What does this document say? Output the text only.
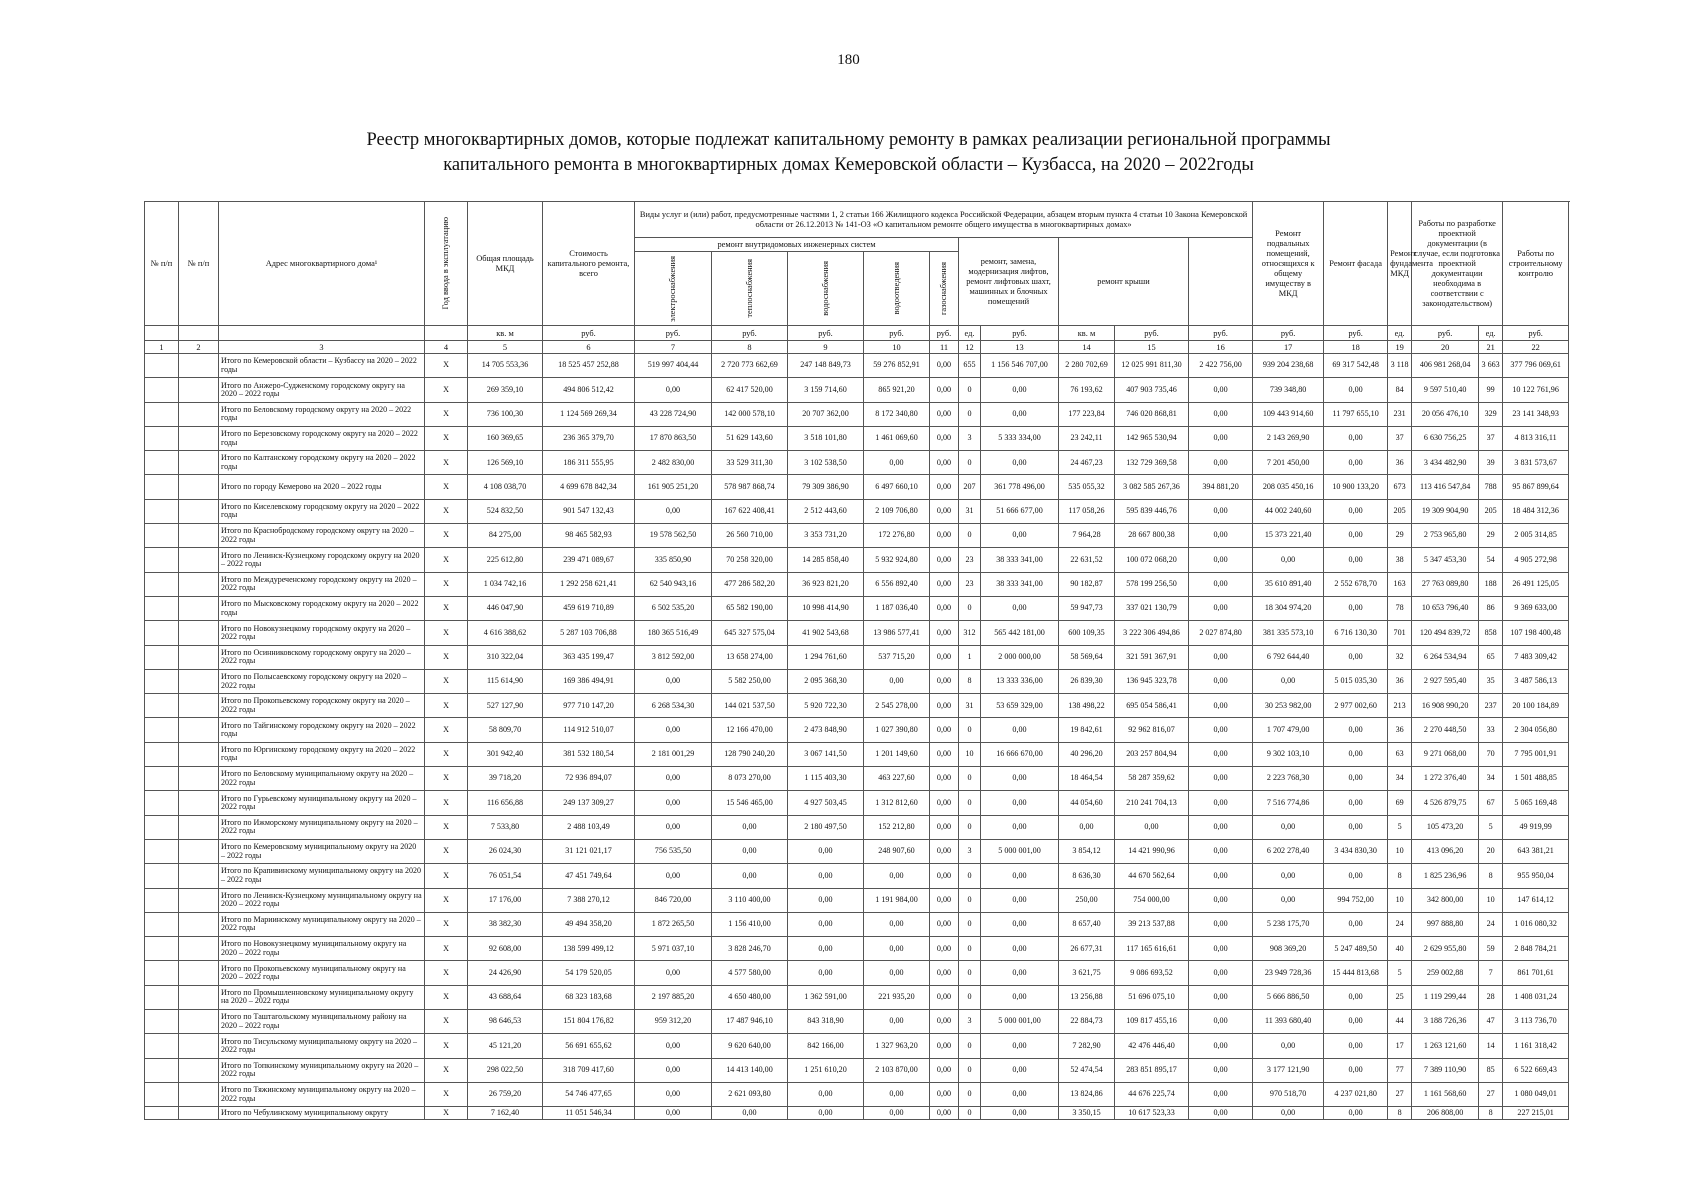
180
Реестр многоквартирных домов, которые подлежат капитальному ремонту в рамках реализации региональной программы
капитального ремонта в многоквартирных домах Кемеровской области – Кузбасса, на 2020 – 2022годы
№ п/п	№ п/п	Адрес многоквартирного дома¹	Год ввода в эксплуатацию	Общая площадь МКД	Стоимость капитального ремонта, всего	Виды услуг и (или) работ, предусмотренные частями 1, 2 статьи 166 Жилищного кодекса Российской Федерации, абзацем вторым пункта 4 статьи 10 Закона Кемеровской области от 26.12.2013 № 141-ОЗ «О капитальном ремонте общего имущества в многоквартирных домах»										Ремонт подвальных помещений, относящихся к общему имуществу в МКД	Ремонт фасада	Ремонт фундамента МКД	Работы по разработке проектной документации (в случае, если подготовка проектной документации необходима в соответствии с законодательством)		Работы по строительному контролю
						ремонт внутридомовых инженерных систем					ремонт, замена, модернизация лифтов, ремонт лифтовых шахт, машинных и блочных помещений		ремонт крыши								

						электроснабжения	теплоснабжения	водоснабжения	водоотведения	газоснабжения											

				кв. м	руб.	руб.	руб.	руб.	руб.	руб.	ед.	руб.	кв. м	руб.	руб.	руб.	руб.	ед.	руб.	ед.	руб.
1	2	3	4	5	6	7	8	9	10	11	12	13	14	15	16	17	18	19	20	21	22
		Итого по Кемеровской области – Кузбассу на 2020 – 2022 годы	X	14 705 553,36	18 525 457 252,88	519 997 404,44	2 720 773 662,69	247 148 849,73	59 276 852,91	0,00	655	1 156 546 707,00	2 280 702,69	12 025 991 811,30	2 422 756,00	939 204 238,68	69 317 542,48	3 118	406 981 268,04	3 663	377 796 069,61
		Итого по Анжеро-Судженскому городскому округу на 2020 – 2022 годы	X	269 359,10	494 806 512,42	0,00	62 417 520,00	3 159 714,60	865 921,20	0,00	0	0,00	76 193,62	407 903 735,46	0,00	739 348,80	0,00	84	9 597 510,40	99	10 122 761,96
		Итого по Беловскому городскому округу на 2020 – 2022 годы	X	736 100,30	1 124 569 269,34	43 228 724,90	142 000 578,10	20 707 362,00	8 172 340,80	0,00	0	0,00	177 223,84	746 020 868,81	0,00	109 443 914,60	11 797 655,10	231	20 056 476,10	329	23 141 348,93
		Итого по Березовскому городскому округу на 2020 – 2022 годы	X	160 369,65	236 365 379,70	17 870 863,50	51 629 143,60	3 518 101,80	1 461 069,60	0,00	3	5 333 334,00	23 242,11	142 965 530,94	0,00	2 143 269,90	0,00	37	6 630 756,25	37	4 813 316,11
		Итого по Калтанскому городскому округу на 2020 – 2022 годы	X	126 569,10	186 311 555,95	2 482 830,00	33 529 311,30	3 102 538,50	0,00	0,00	0	0,00	24 467,23	132 729 369,58	0,00	7 201 450,00	0,00	36	3 434 482,90	39	3 831 573,67
		Итого по городу Кемерово на 2020 – 2022 годы	X	4 108 038,70	4 699 678 842,34	161 905 251,20	578 987 868,74	79 309 386,90	6 497 660,10	0,00	207	361 778 496,00	535 055,32	3 082 585 267,36	394 881,20	208 035 450,16	10 900 133,20	673	113 416 547,84	788	95 867 899,64
		Итого по Киселевскому городскому округу на 2020 – 2022 годы	X	524 832,50	901 547 132,43	0,00	167 622 408,41	2 512 443,60	2 109 706,80	0,00	31	51 666 677,00	117 058,26	595 839 446,76	0,00	44 002 240,60	0,00	205	19 309 904,90	205	18 484 312,36
		Итого по Краснобродскому городскому округу на 2020 – 2022 годы	X	84 275,00	98 465 582,93	19 578 562,50	26 560 710,00	3 353 731,20	172 276,80	0,00	0	0,00	7 964,28	28 667 800,38	0,00	15 373 221,40	0,00	29	2 753 965,80	29	2 005 314,85
		Итого по Ленинск-Кузнецкому городскому округу на 2020 – 2022 годы	X	225 612,80	239 471 089,67	335 850,90	70 258 320,00	14 285 858,40	5 932 924,80	0,00	23	38 333 341,00	22 631,52	100 072 068,20	0,00	0,00	0,00	38	5 347 453,30	54	4 905 272,98
		Итого по Междуреченскому городскому округу на 2020 – 2022 годы	X	1 034 742,16	1 292 258 621,41	62 540 943,16	477 286 582,20	36 923 821,20	6 556 892,40	0,00	23	38 333 341,00	90 182,87	578 199 256,50	0,00	35 610 891,40	2 552 678,70	163	27 763 089,80	188	26 491 125,05
		Итого по Мысковскому городскому округу на 2020 – 2022 годы	X	446 047,90	459 619 710,89	6 502 535,20	65 582 190,00	10 998 414,90	1 187 036,40	0,00	0	0,00	59 947,73	337 021 130,79	0,00	18 304 974,20	0,00	78	10 653 796,40	86	9 369 633,00
		Итого по Новокузнецкому городскому округу на 2020 – 2022 годы	X	4 616 388,62	5 287 103 706,88	180 365 516,49	645 327 575,04	41 902 543,68	13 986 577,41	0,00	312	565 442 181,00	600 109,35	3 222 306 494,86	2 027 874,80	381 335 573,10	6 716 130,30	701	120 494 839,72	858	107 198 400,48
		Итого по Осинниковскому городскому округу на 2020 – 2022 годы	X	310 322,04	363 435 199,47	3 812 592,00	13 658 274,00	1 294 761,60	537 715,20	0,00	1	2 000 000,00	58 569,64	321 591 367,91	0,00	6 792 644,40	0,00	32	6 264 534,94	65	7 483 309,42
		Итого по Полысаевскому городскому округу на 2020 – 2022 годы	X	115 614,90	169 386 494,91	0,00	5 582 250,00	2 095 368,30	0,00	0,00	8	13 333 336,00	26 839,30	136 945 323,78	0,00	0,00	5 015 035,30	36	2 927 595,40	35	3 487 586,13
		Итого по Прокопьевскому городскому округу на 2020 – 2022 годы	X	527 127,90	977 710 147,20	6 268 534,30	144 021 537,50	5 920 722,30	2 545 278,00	0,00	31	53 659 329,00	138 498,22	695 054 586,41	0,00	30 253 982,00	2 977 002,60	213	16 908 990,20	237	20 100 184,89
		Итого по Тайгинскому городскому округу на 2020 – 2022 годы	X	58 809,70	114 912 510,07	0,00	12 166 470,00	2 473 848,90	1 027 390,80	0,00	0	0,00	19 842,61	92 962 816,07	0,00	1 707 479,00	0,00	36	2 270 448,50	33	2 304 056,80
		Итого по Юргинскому городскому округу на 2020 – 2022 годы	X	301 942,40	381 532 180,54	2 181 001,29	128 790 240,20	3 067 141,50	1 201 149,60	0,00	10	16 666 670,00	40 296,20	203 257 804,94	0,00	9 302 103,10	0,00	63	9 271 068,00	70	7 795 001,91
		Итого по Беловскому муниципальному округу на 2020 – 2022 годы	X	39 718,20	72 936 894,07	0,00	8 073 270,00	1 115 403,30	463 227,60	0,00	0	0,00	18 464,54	58 287 359,62	0,00	2 223 768,30	0,00	34	1 272 376,40	34	1 501 488,85
		Итого по Гурьевскому муниципальному округу на 2020 – 2022 годы	X	116 656,88	249 137 309,27	0,00	15 546 465,00	4 927 503,45	1 312 812,60	0,00	0	0,00	44 054,60	210 241 704,13	0,00	7 516 774,86	0,00	69	4 526 879,75	67	5 065 169,48
		Итого по Ижморскому муниципальному округу на 2020 – 2022 годы	X	7 533,80	2 488 103,49	0,00	0,00	2 180 497,50	152 212,80	0,00	0	0,00	0,00	0,00	0,00	0,00	0,00	5	105 473,20	5	49 919,99
		Итого по Кемеровскому муниципальному округу на 2020 – 2022 годы	X	26 024,30	31 121 021,17	756 535,50	0,00	0,00	248 907,60	0,00	3	5 000 001,00	3 854,12	14 421 990,96	0,00	6 202 278,40	3 434 830,30	10	413 096,20	20	643 381,21
		Итого по Крапивинскому муниципальному округу на 2020 – 2022 годы	X	76 051,54	47 451 749,64	0,00	0,00	0,00	0,00	0,00	0	0,00	8 636,30	44 670 562,64	0,00	0,00	0,00	8	1 825 236,96	8	955 950,04
		Итого по Ленинск-Кузнецкому муниципальному округу на 2020 – 2022 годы	X	17 176,00	7 388 270,12	846 720,00	3 110 400,00	0,00	1 191 984,00	0,00	0	0,00	250,00	754 000,00	0,00	0,00	994 752,00	10	342 800,00	10	147 614,12
		Итого по Мариинскому муниципальному округу на 2020 – 2022 годы	X	38 382,30	49 494 358,20	1 872 265,50	1 156 410,00	0,00	0,00	0,00	0	0,00	8 657,40	39 213 537,88	0,00	5 238 175,70	0,00	24	997 888,80	24	1 016 080,32
		Итого по Новокузнецкому муниципальному округу на 2020 – 2022 годы	X	92 608,00	138 599 499,12	5 971 037,10	3 828 246,70	0,00	0,00	0,00	0	0,00	26 677,31	117 165 616,61	0,00	908 369,20	5 247 489,50	40	2 629 955,80	59	2 848 784,21
		Итого по Прокопьевскому муниципальному округу на 2020 – 2022 годы	X	24 426,90	54 179 520,05	0,00	4 577 580,00	0,00	0,00	0,00	0	0,00	3 621,75	9 086 693,52	0,00	23 949 728,36	15 444 813,68	5	259 002,88	7	861 701,61
		Итого по Промышленновскому муниципальному округу на 2020 – 2022 годы	X	43 688,64	68 323 183,68	2 197 885,20	4 650 480,00	1 362 591,00	221 935,20	0,00	0	0,00	13 256,88	51 696 075,10	0,00	5 666 886,50	0,00	25	1 119 299,44	28	1 408 031,24
		Итого по Таштагольскому муниципальному району на 2020 – 2022 годы	X	98 646,53	151 804 176,82	959 312,20	17 487 946,10	843 318,90	0,00	0,00	3	5 000 001,00	22 884,73	109 817 455,16	0,00	11 393 680,40	0,00	44	3 188 726,36	47	3 113 736,70
		Итого по Тисульскому муниципальному округу на 2020 – 2022 годы	X	45 121,20	56 691 655,62	0,00	9 620 640,00	842 166,00	1 327 963,20	0,00	0	0,00	7 282,90	42 476 446,40	0,00	0,00	0,00	17	1 263 121,60	14	1 161 318,42
		Итого по Топкинскому муниципальному округу на 2020 – 2022 годы	X	298 022,50	318 709 417,60	0,00	14 413 140,00	1 251 610,20	2 103 870,00	0,00	0	0,00	52 474,54	283 851 895,17	0,00	3 177 121,90	0,00	77	7 389 110,90	85	6 522 669,43
		Итого по Тяжинскому муниципальному округу на 2020 – 2022 годы	X	26 759,20	54 746 477,65	0,00	2 621 093,80	0,00	0,00	0,00	0	0,00	13 824,86	44 676 225,74	0,00	970 518,70	4 237 021,80	27	1 161 568,60	27	1 080 049,01
		Итого по Чебулинскому муниципальному округу	X	7 162,40	11 051 546,34	0,00	0,00	0,00	0,00	0,00	0	0,00	3 350,15	10 617 523,33	0,00	0,00	0,00	8	206 808,00	8	227 215,01
